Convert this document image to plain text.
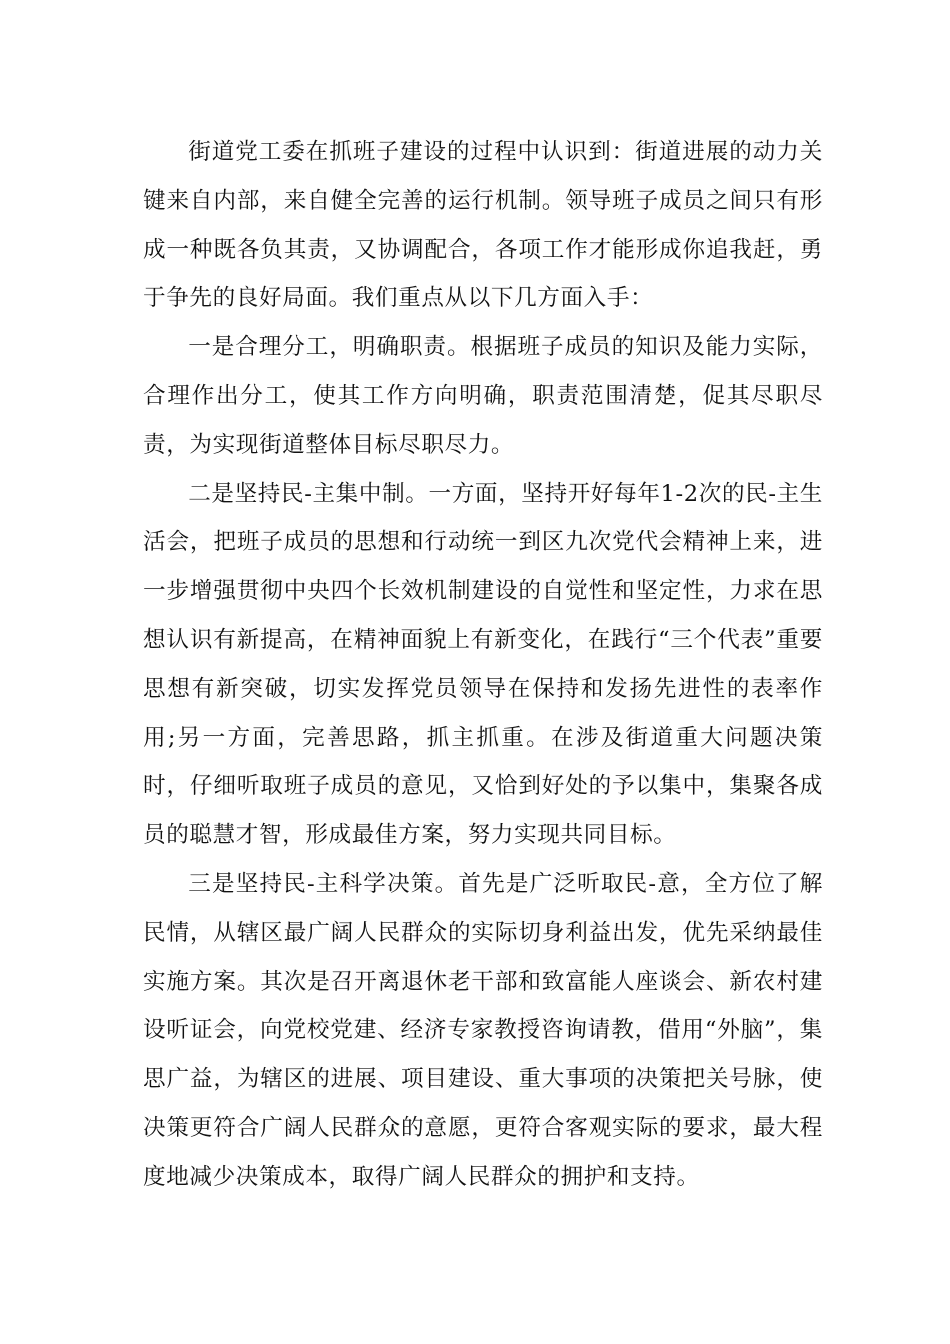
街道党工委在抓班子建设的过程中认识到：街道进展的动力关键来自内部，来自健全完善的运行机制。领导班子成员之间只有形成一种既各负其责，又协调配合，各项工作才能形成你追我赶，勇于争先的良好局面。我们重点从以下几方面入手：

一是合理分工，明确职责。根据班子成员的知识及能力实际，合理作出分工，使其工作方向明确，职责范围清楚，促其尽职尽责，为实现街道整体目标尽职尽力。

二是坚持民-主集中制。一方面，坚持开好每年1-2次的民-主生活会，把班子成员的思想和行动统一到区九次党代会精神上来，进一步增强贯彻中央四个长效机制建设的自觉性和坚定性，力求在思想认识有新提高，在精神面貌上有新变化，在践行“三个代表”重要思想有新突破，切实发挥党员领导在保持和发扬先进性的表率作用;另一方面，完善思路，抓主抓重。在涉及街道重大问题决策时，仔细听取班子成员的意见，又恰到好处的予以集中，集聚各成员的聪慧才智，形成最佳方案，努力实现共同目标。

三是坚持民-主科学决策。首先是广泛听取民-意，全方位了解民情，从辖区最广阔人民群众的实际切身利益出发，优先采纳最佳实施方案。其次是召开离退休老干部和致富能人座谈会、新农村建设听证会，向党校党建、经济专家教授咨询请教，借用“外脑”，集思广益，为辖区的进展、项目建设、重大事项的决策把关号脉，使决策更符合广阔人民群众的意愿，更符合客观实际的要求，最大程度地减少决策成本，取得广阔人民群众的拥护和支持。
